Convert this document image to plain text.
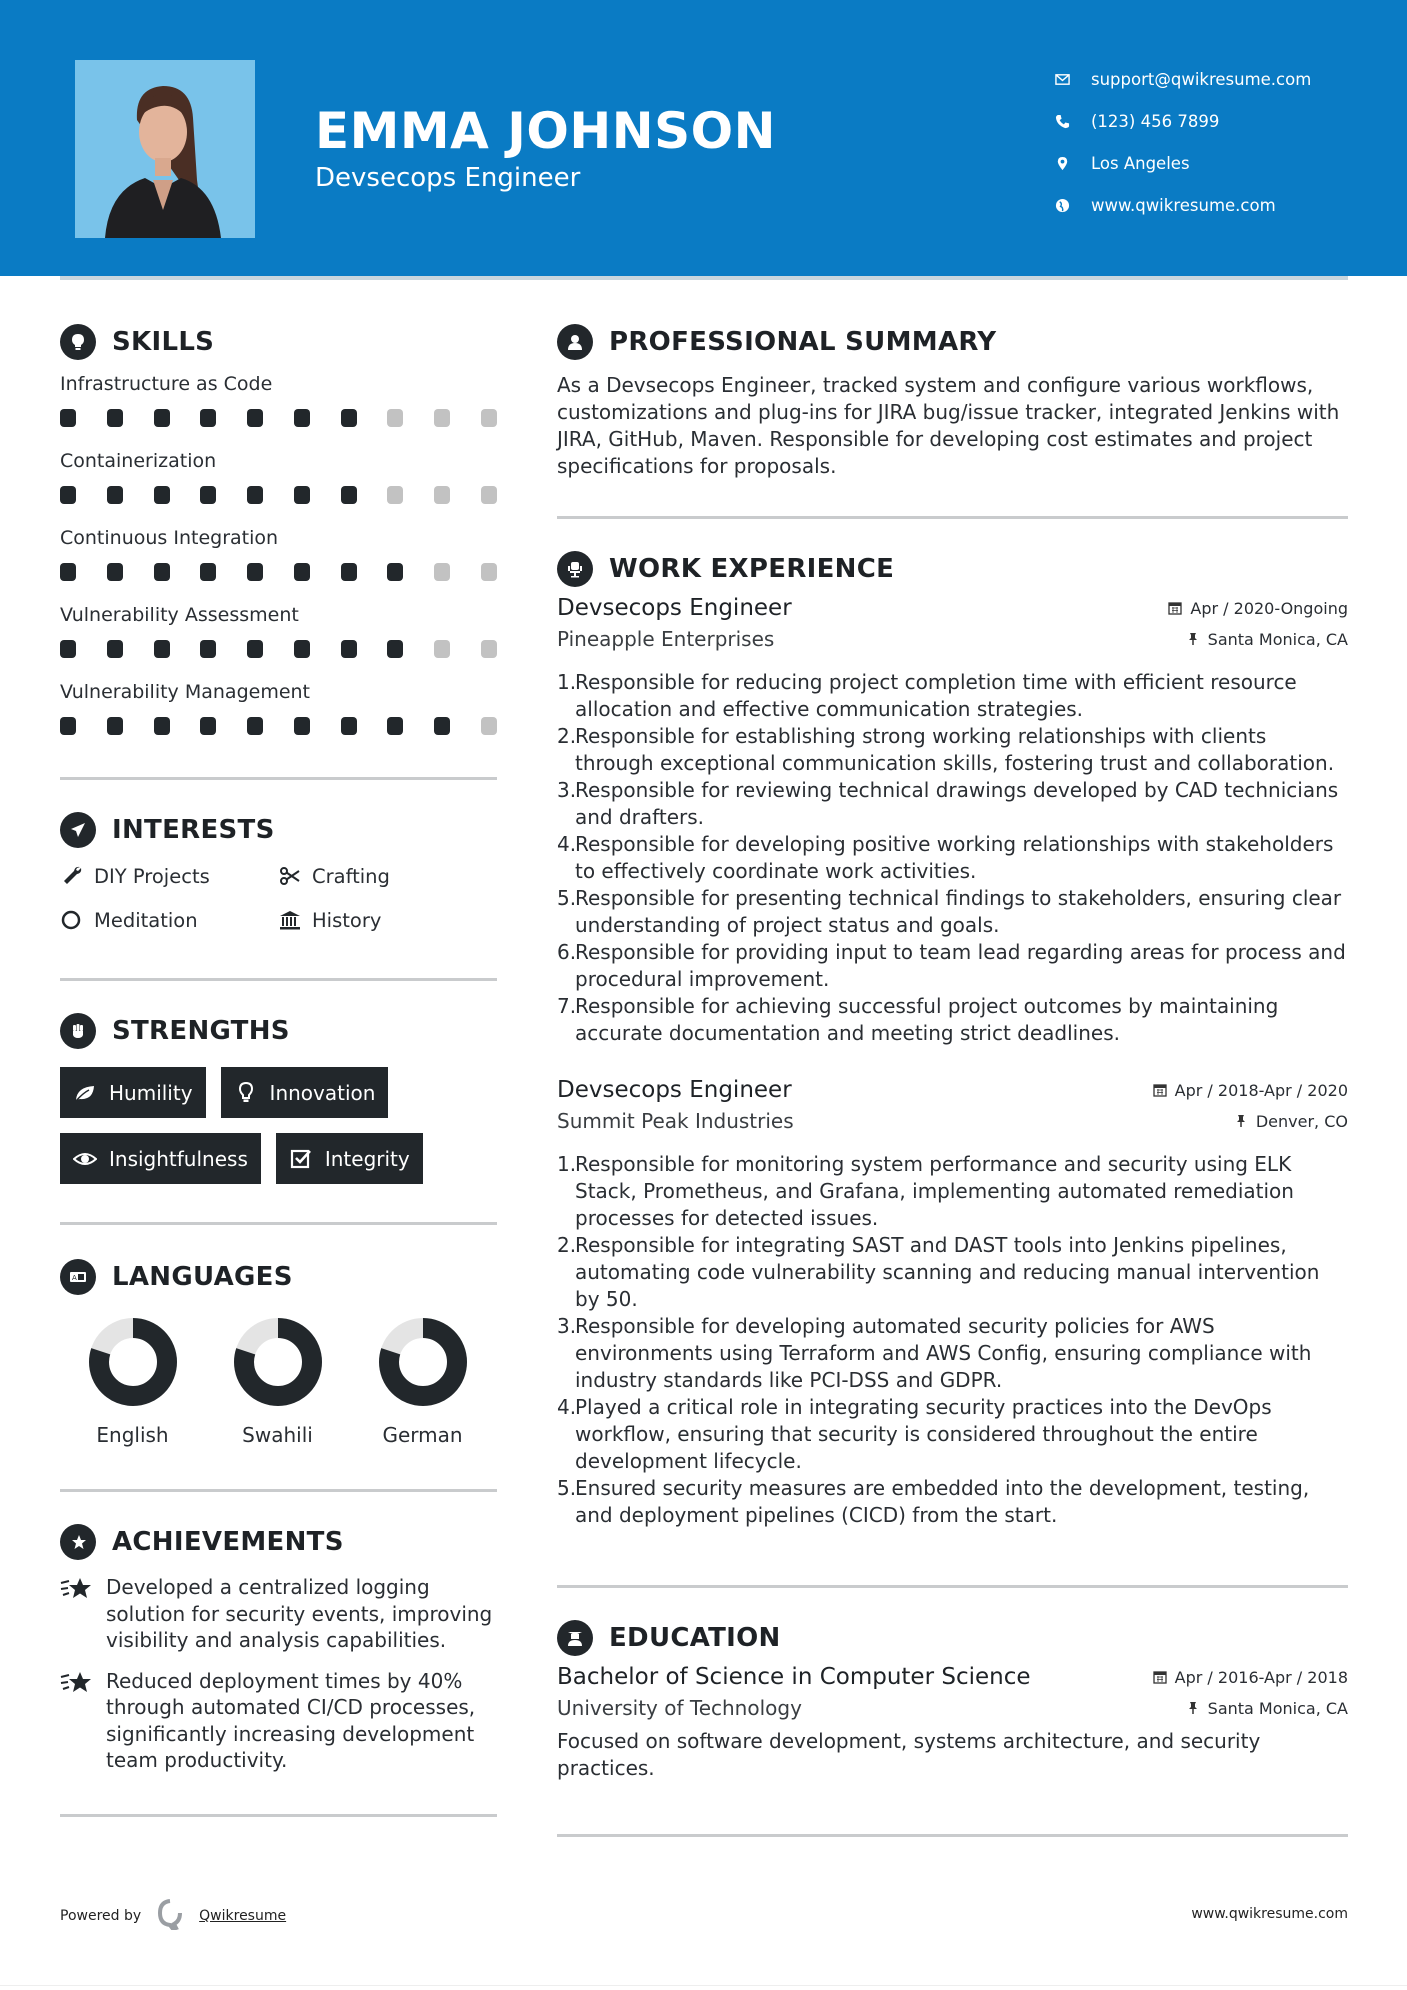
EMMA JOHNSON
Devsecops Engineer
support@qwikresume.com
(123) 456 7899
Los Angeles
www.qwikresume.com
SKILLS
Infrastructure as Code
Containerization
Continuous Integration
Vulnerability Assessment
Vulnerability Management
INTERESTS
DIY Projects	Crafting
Meditation	History
STRENGTHS
Humility	Innovation
Insightfulness	Integrity
A LANGUAGES
English	Swahili	German
ACHIEVEMENTS
Developed a centralized logging solution for security events, improving visibility and analysis capabilities.
Reduced deployment times by 40% through automated CI/CD processes, significantly increasing development team productivity.
PROFESSIONAL SUMMARY

As a Devsecops Engineer, tracked system and configure various workflows, customizations and plug-ins for JIRA bug/issue tracker, integrated Jenkins with JIRA, GitHub, Maven. Responsible for developing cost estimates and project specifications for proposals.

WORK EXPERIENCE
Devsecops Engineer	Apr / 2020-Ongoing
Pineapple Enterprises	Santa Monica, CA
1.
Responsible for reducing project completion time with efficient resource allocation and effective communication strategies.
2.
Responsible for establishing strong working relationships with clients through exceptional communication skills, fostering trust and collaboration.
3.
Responsible for reviewing technical drawings developed by CAD technicians and drafters.
4.
Responsible for developing positive working relationships with stakeholders to effectively coordinate work activities.
5.
Responsible for presenting technical findings to stakeholders, ensuring clear understanding of project status and goals.
6.
Responsible for providing input to team lead regarding areas for process and procedural improvement.
7.
Responsible for achieving successful project outcomes by maintaining accurate documentation and meeting strict deadlines.
Devsecops Engineer	Apr / 2018-Apr / 2020
Summit Peak Industries	Denver, CO
1.
Responsible for monitoring system performance and security using ELK Stack, Prometheus, and Grafana, implementing automated remediation processes for detected issues.
2.
Responsible for integrating SAST and DAST tools into Jenkins pipelines, automating code vulnerability scanning and reducing manual intervention by 50.
3.
Responsible for developing automated security policies for AWS environments using Terraform and AWS Config, ensuring compliance with industry standards like PCI-DSS and GDPR.
4.
Played a critical role in integrating security practices into the DevOps workflow, ensuring that security is considered throughout the entire development lifecycle.
5.
Ensured security measures are embedded into the development, testing, and deployment pipelines (CICD) from the start.
EDUCATION
Bachelor of Science in Computer Science	Apr / 2016-Apr / 2018
University of Technology	Santa Monica, CA

Focused on software development, systems architecture, and security practices.

Powered by	Qwikresume	www.qwikresume.com
